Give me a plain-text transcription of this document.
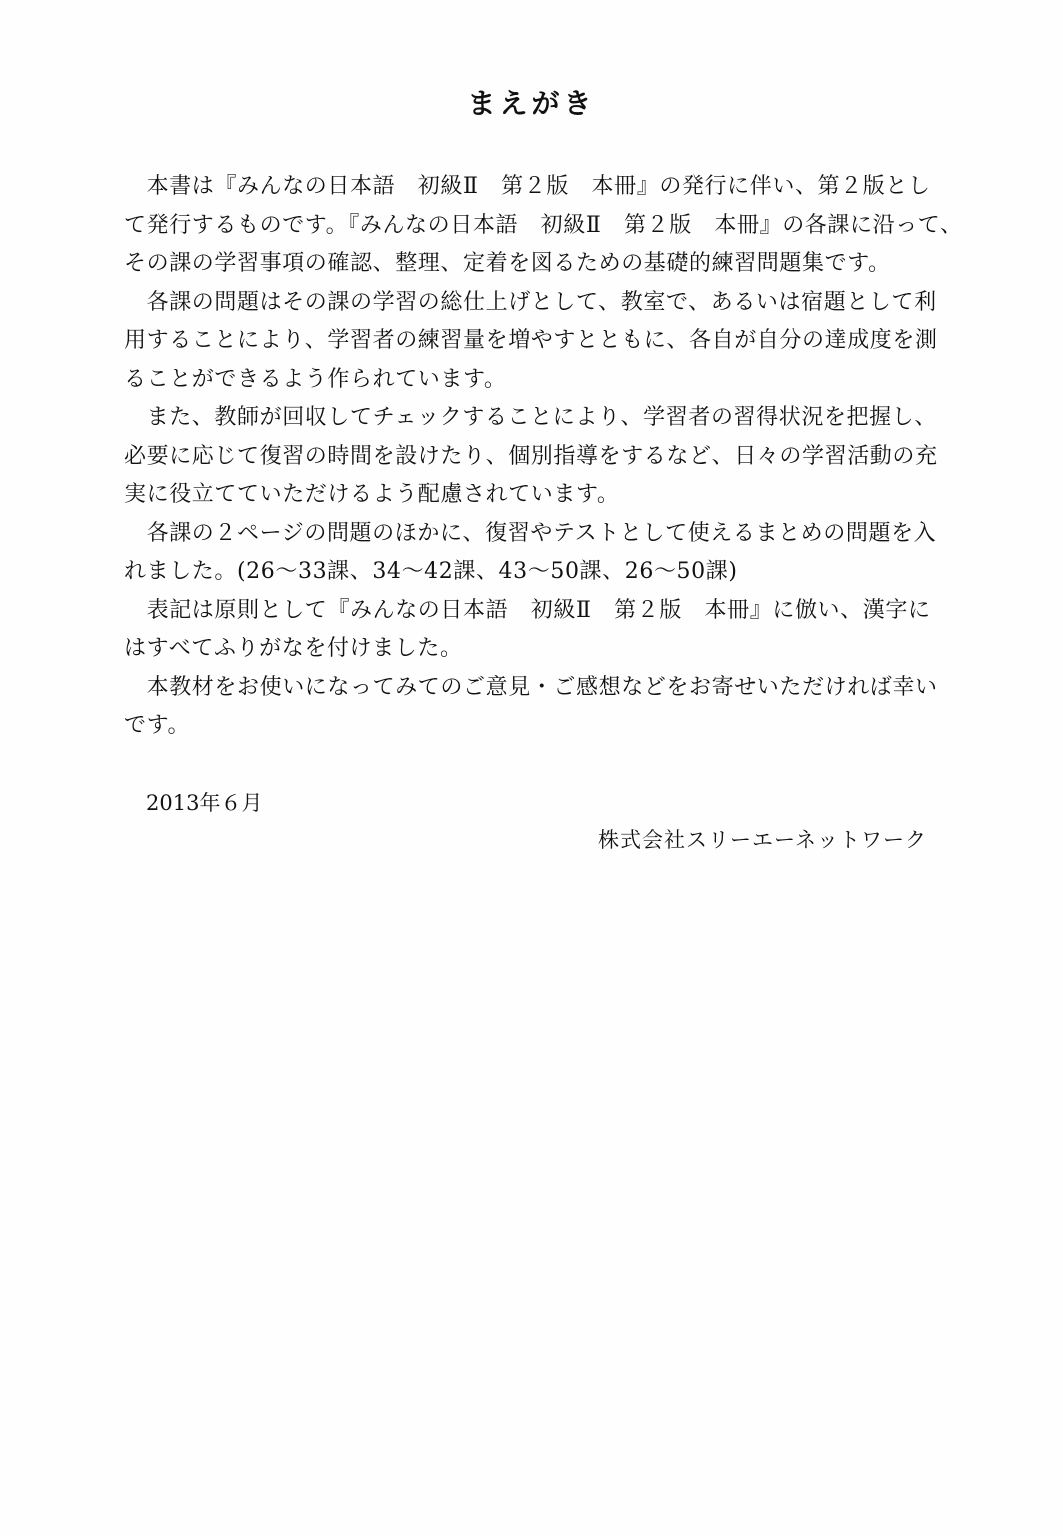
まえがき
　本書は『みんなの日本語　初級Ⅱ　第２版　本冊』の発行に伴い、第２版とし
て発行するものです。『みんなの日本語　初級Ⅱ　第２版　本冊』の各課に沿って、
その課の学習事項の確認、整理、定着を図るための基礎的練習問題集です。
　各課の問題はその課の学習の総仕上げとして、教室で、あるいは宿題として利
用することにより、学習者の練習量を増やすとともに、各自が自分の達成度を測
ることができるよう作られています。
　また、教師が回収してチェックすることにより、学習者の習得状況を把握し、
必要に応じて復習の時間を設けたり、個別指導をするなど、日々の学習活動の充
実に役立てていただけるよう配慮されています。
　各課の２ページの問題のほかに、復習やテストとして使えるまとめの問題を入
れました。(26〜33課、34〜42課、43〜50課、26〜50課)
　表記は原則として『みんなの日本語　初級Ⅱ　第２版　本冊』に倣い、漢字に
はすべてふりがなを付けました。
　本教材をお使いになってみてのご意見・ご感想などをお寄せいただければ幸い
です。
2013年６月
株式会社スリーエーネットワーク
